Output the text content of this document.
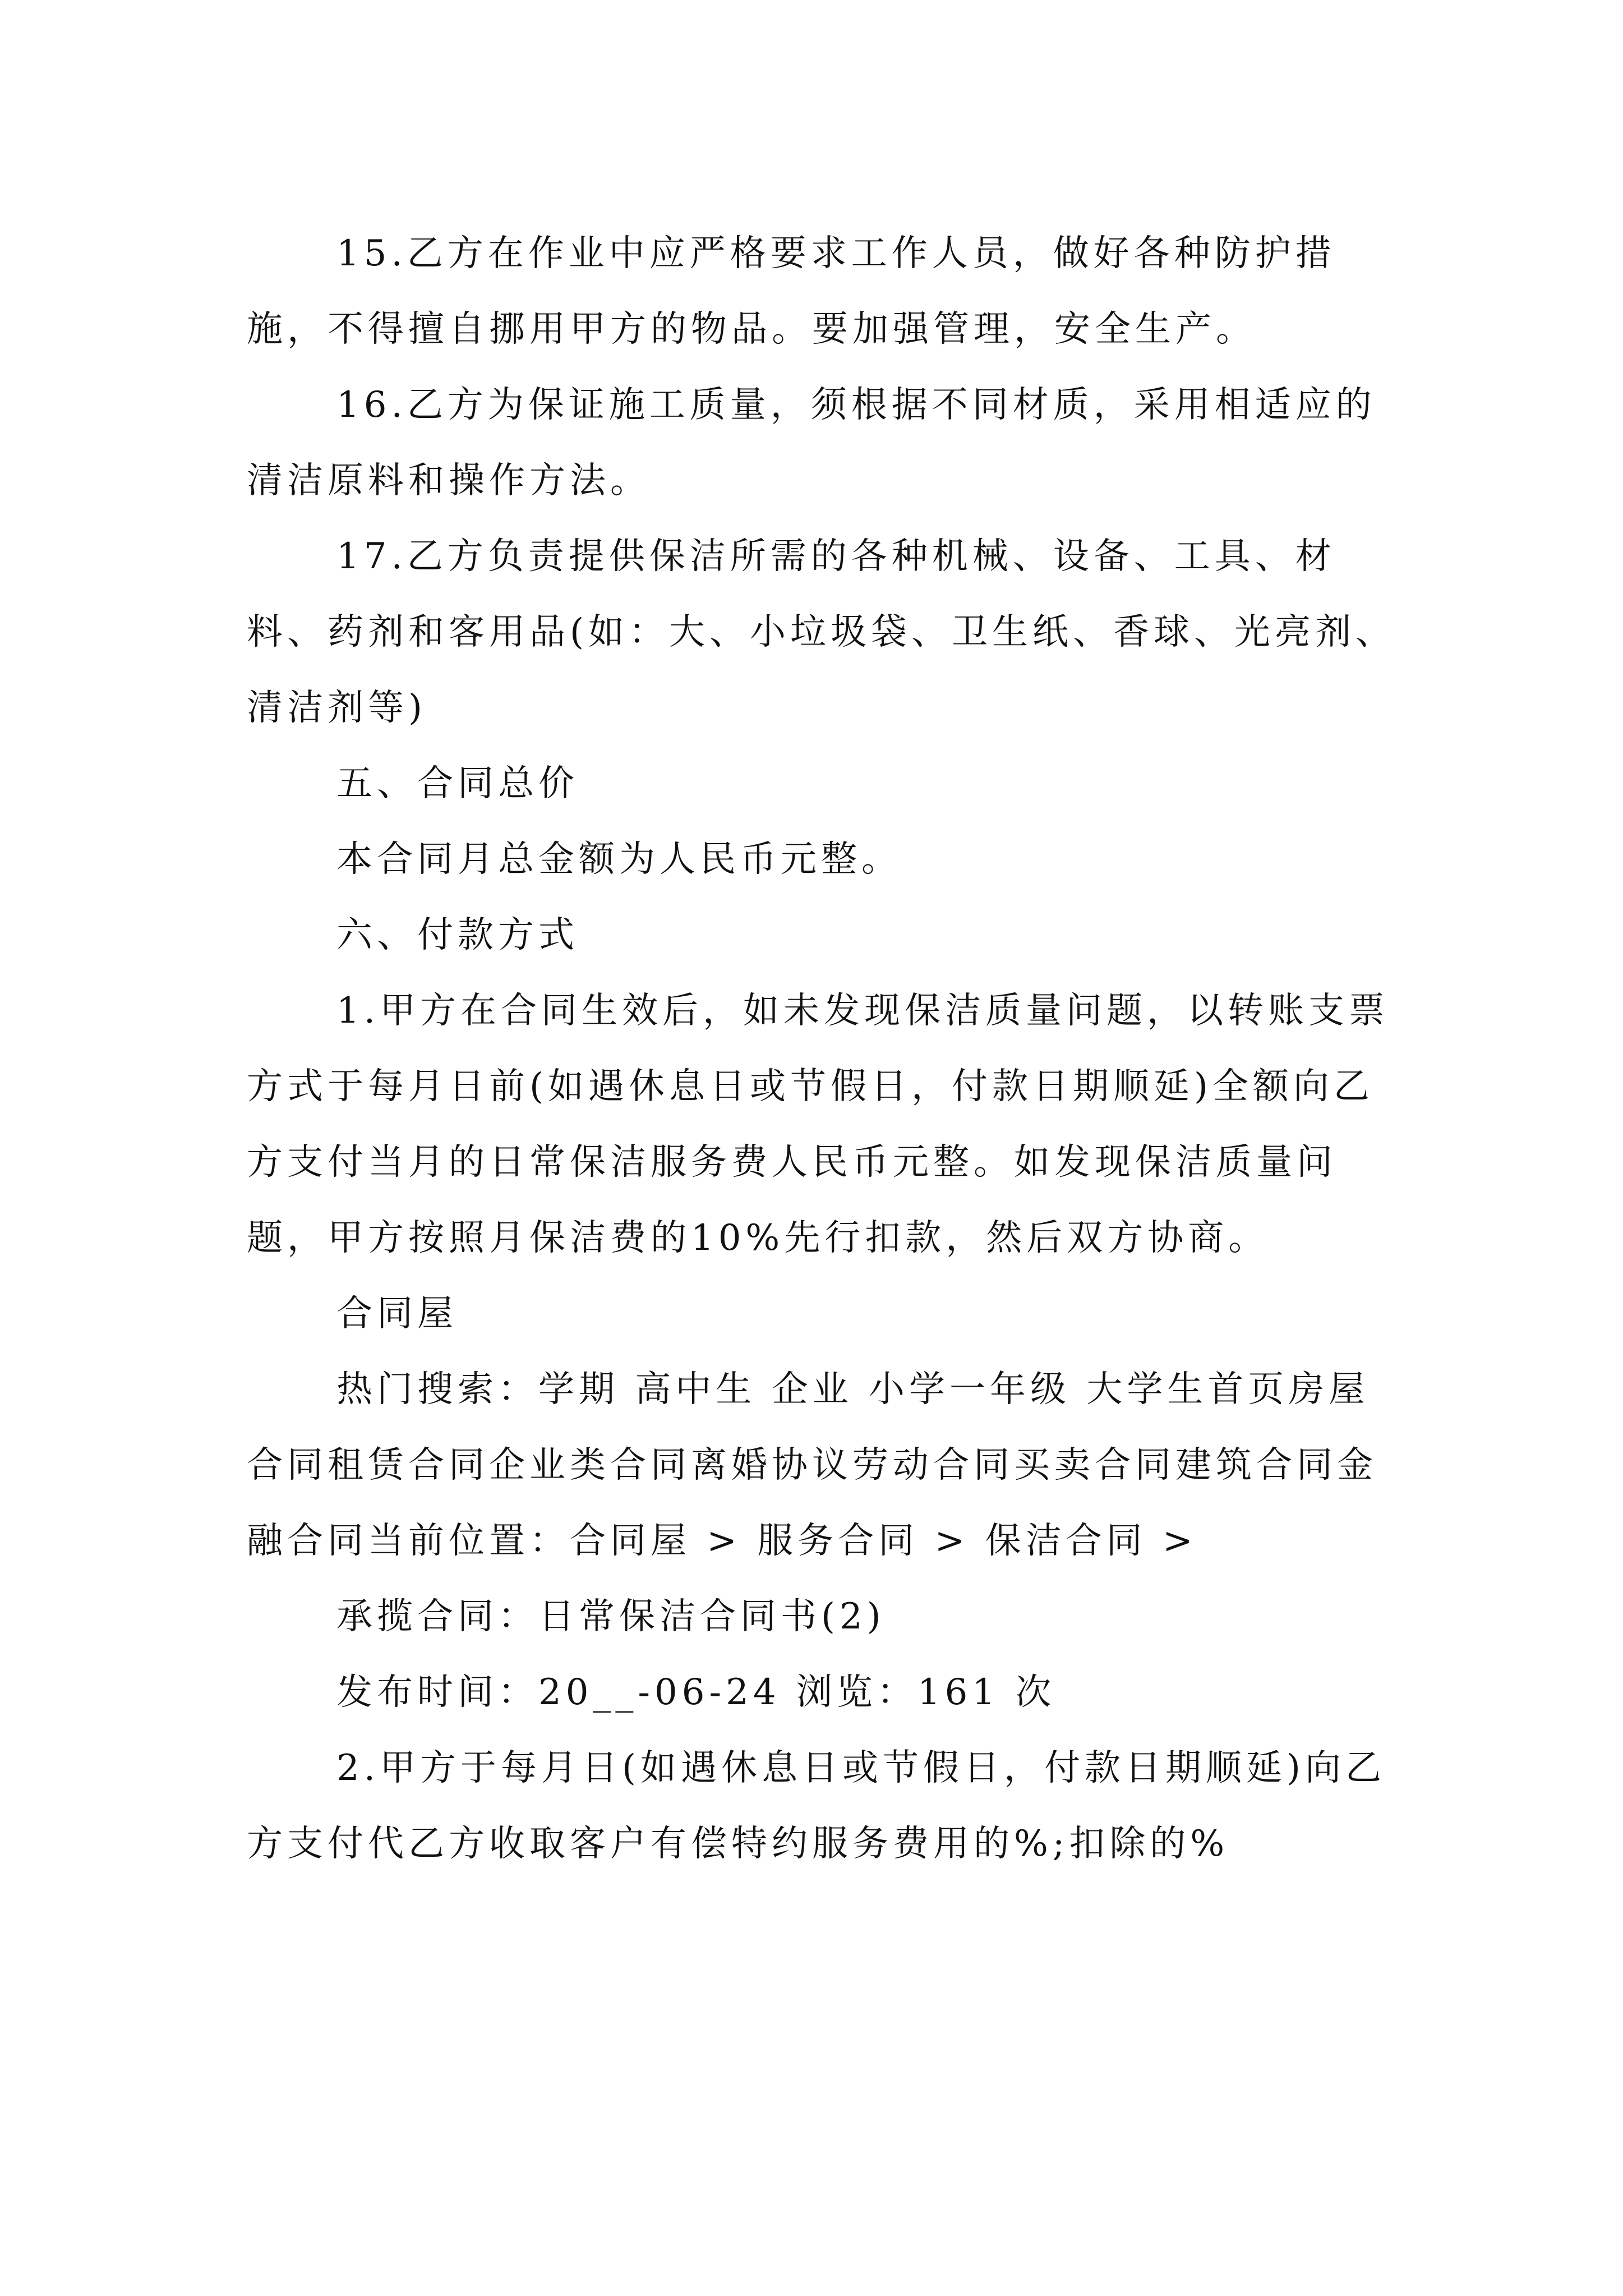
15.乙方在作业中应严格要求工作人员，做好各种防护措施，不得擅自挪用甲方的物品。要加强管理，安全生产。

16.乙方为保证施工质量，须根据不同材质，采用相适应的清洁原料和操作方法。

17.乙方负责提供保洁所需的各种机械、设备、工具、材料、药剂和客用品(如：大、小垃圾袋、卫生纸、香球、光亮剂、清洁剂等)

五、合同总价

本合同月总金额为人民币元整。

六、付款方式

1.甲方在合同生效后，如未发现保洁质量问题，以转账支票方式于每月日前(如遇休息日或节假日，付款日期顺延)全额向乙方支付当月的日常保洁服务费人民币元整。如发现保洁质量问题，甲方按照月保洁费的10%先行扣款，然后双方协商。

合同屋

热门搜索：学期 高中生 企业 小学一年级 大学生首页房屋合同租赁合同企业类合同离婚协议劳动合同买卖合同建筑合同金融合同当前位置：合同屋 > 服务合同 > 保洁合同 >

承揽合同：日常保洁合同书(2)

发布时间：20__-06-24 浏览：161 次

2.甲方于每月日(如遇休息日或节假日，付款日期顺延)向乙方支付代乙方收取客户有偿特约服务费用的%;扣除的%
